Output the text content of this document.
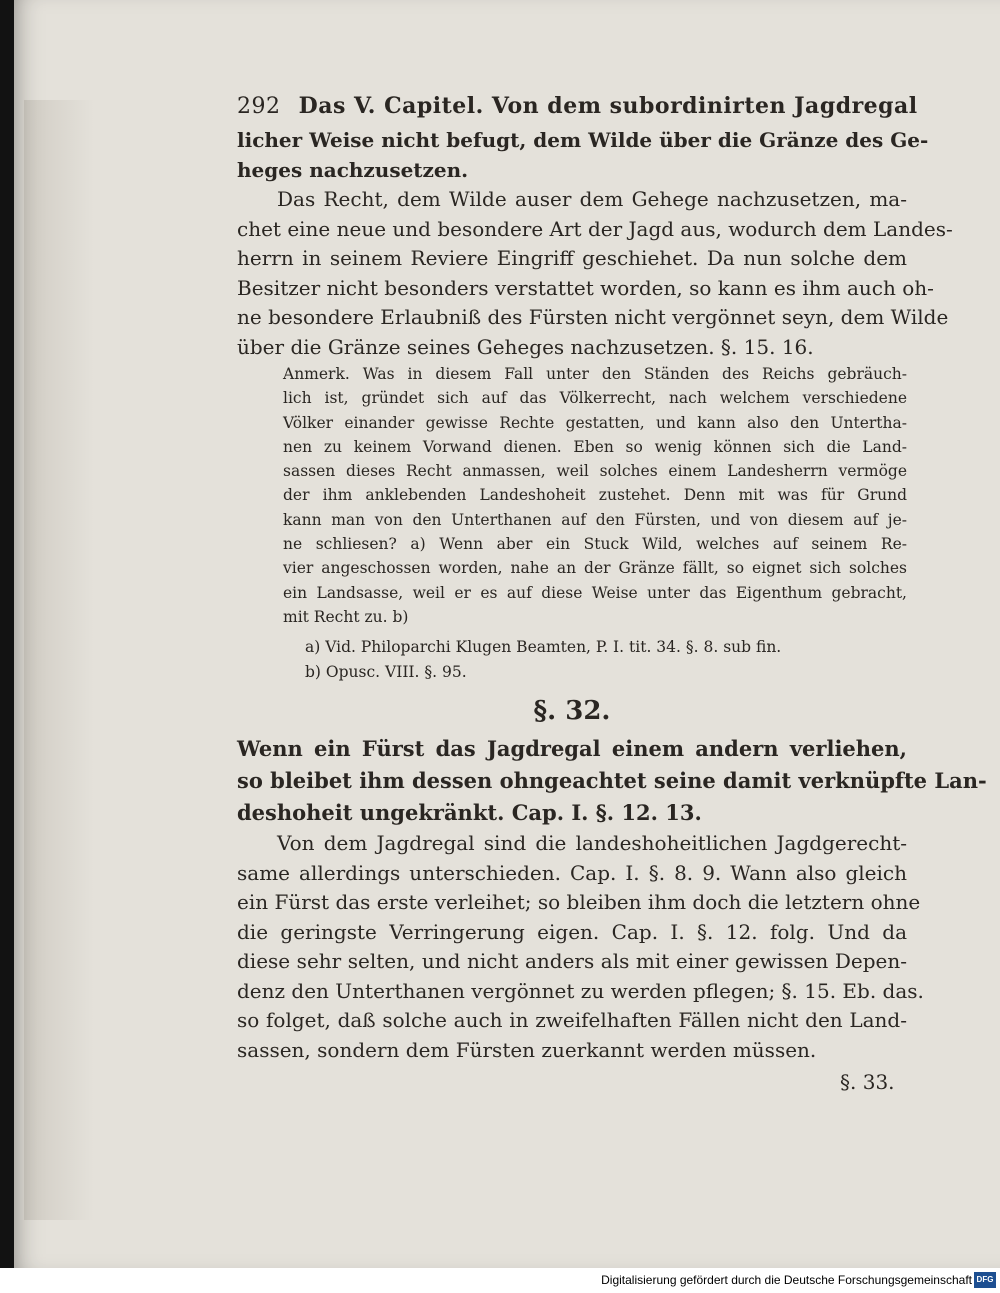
292 Das V. Capitel. Von dem subordinirten Jagdregal
licher Weise nicht befugt, dem Wilde über die Gränze des Ge-
heges nachzusetzen.
Das Recht, dem Wilde auser dem Gehege nachzusetzen, ma-
chet eine neue und besondere Art der Jagd aus, wodurch dem Landes-
herrn in seinem Reviere Eingriff geschiehet. Da nun solche dem
Besitzer nicht besonders verstattet worden, so kann es ihm auch oh-
ne besondere Erlaubniß des Fürsten nicht vergönnet seyn, dem Wilde
über die Gränze seines Geheges nachzusetzen. §. 15. 16.
Anmerk. Was in diesem Fall unter den Ständen des Reichs gebräuch-
lich ist, gründet sich auf das Völkerrecht, nach welchem verschiedene
Völker einander gewisse Rechte gestatten, und kann also den Untertha-
nen zu keinem Vorwand dienen. Eben so wenig können sich die Land-
sassen dieses Recht anmassen, weil solches einem Landesherrn vermöge
der ihm anklebenden Landeshoheit zustehet. Denn mit was für Grund
kann man von den Unterthanen auf den Fürsten, und von diesem auf je-
ne schliesen? a) Wenn aber ein Stuck Wild, welches auf seinem Re-
vier angeschossen worden, nahe an der Gränze fällt, so eignet sich solches
ein Landsasse, weil er es auf diese Weise unter das Eigenthum gebracht,
mit Recht zu. b)
a) Vid. Philoparchi Klugen Beamten, P. I. tit. 34. §. 8. sub fin.
b) Opusc. VIII. §. 95.
§. 32.
Wenn ein Fürst das Jagdregal einem andern verliehen,
so bleibet ihm dessen ohngeachtet seine damit verknüpfte Lan-
deshoheit ungekränkt. Cap. I. §. 12. 13.
Von dem Jagdregal sind die landeshoheitlichen Jagdgerecht-
same allerdings unterschieden. Cap. I. §. 8. 9. Wann also gleich
ein Fürst das erste verleihet; so bleiben ihm doch die letztern ohne
die geringste Verringerung eigen. Cap. I. §. 12. folg. Und da
diese sehr selten, und nicht anders als mit einer gewissen Depen-
denz den Unterthanen vergönnet zu werden pflegen; §. 15. Eb. das.
so folget, daß solche auch in zweifelhaften Fällen nicht den Land-
sassen, sondern dem Fürsten zuerkannt werden müssen.
§. 33.
Digitalisierung gefördert durch die Deutsche Forschungsgemeinschaft DFG
